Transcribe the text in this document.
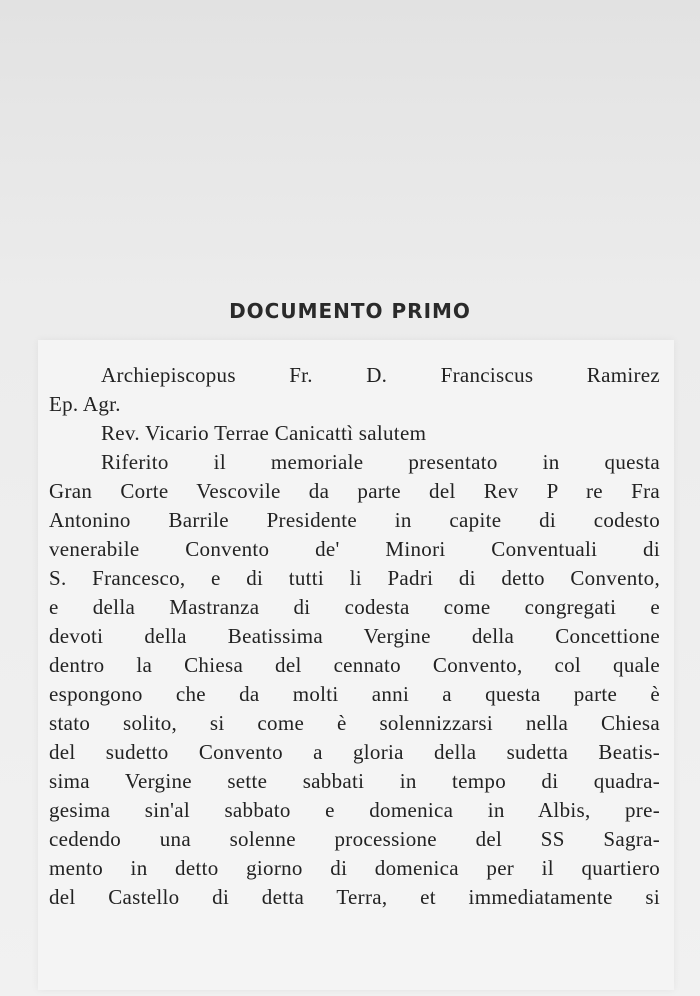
DOCUMENTO PRIMO
Archiepiscopus Fr. D. Franciscus Ramirez
Ep. Agr.
Rev. Vicario Terrae Canicattì salutem
Riferito il memoriale presentato in questa
Gran Corte Vescovile da parte del Rev P re Fra
Antonino Barrile Presidente in capite di codesto
venerabile Convento de' Minori Conventuali di
S. Francesco, e di tutti li Padri di detto Convento,
e della Mastranza di codesta come congregati e
devoti della Beatissima Vergine della Concettione
dentro la Chiesa del cennato Convento, col quale
espongono che da molti anni a questa parte è
stato solito, si come è solennizzarsi nella Chiesa
del sudetto Convento a gloria della sudetta Beatis-
sima Vergine sette sabbati in tempo di quadra-
gesima sin'al sabbato e domenica in Albis, pre-
cedendo una solenne processione del SS Sagra-
mento in detto giorno di domenica per il quartiero
del Castello di detta Terra, et immediatamente si
